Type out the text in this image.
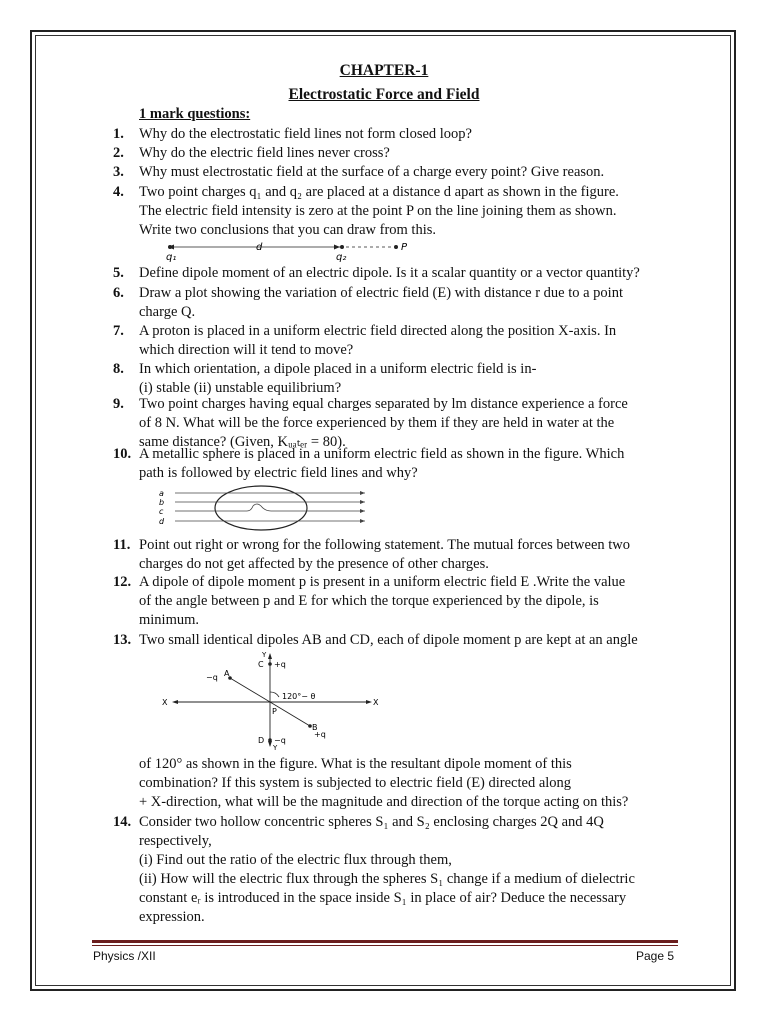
CHAPTER-1
Electrostatic Force and Field
1 mark questions:
1. Why do the electrostatic field lines not form closed loop?
2. Why do the electric field lines never cross?
3. Why must electrostatic field at the surface of a charge every point? Give reason.
4. Two point charges q₁ and q₂ are placed at a distance d apart as shown in the figure.
The electric field intensity is zero at the point P on the line joining them as shown.
Write two conclusions that you can draw from this.
q₁
d
q₂
P
5. Define dipole moment of an electric dipole. Is it a scalar quantity or a vector quantity?
6. Draw a plot showing the variation of electric field (E) with distance r due to a point
charge Q.
7. A proton is placed in a uniform electric field directed along the position X-axis. In
which direction will it tend to move?
8. In which orientation, a dipole placed in a uniform electric field is in-
(i) stable (ii) unstable equilibrium?
9. Two point charges having equal charges separated by lm distance experience a force
of 8 N. What will be the force experienced by them if they are held in water at the
same distance? (Given, Kᵤₐₜₑᵣ = 80).
10. A metallic sphere is placed in a uniform electric field as shown in the figure. Which
path is followed by electric field lines and why?
a
b
c
d
11. Point out right or wrong for the following statement. The mutual forces between two
charges do not get affected by the presence of other charges.
12. A dipole of dipole moment p is present in a uniform electric field E .Write the value
of the angle between p and E for which the torque experienced by the dipole, is
minimum.
13. Two small identical dipoles AB and CD, each of dipole moment p are kept at an angle
Y
Y
X	X
C +q
−q A
120°− θ
P
B
+q
D −q
of 120° as shown in the figure. What is the resultant dipole moment of this
combination? If this system is subjected to electric field (E) directed along
+ X-direction, what will be the magnitude and direction of the torque acting on this?
14. Consider two hollow concentric spheres S₁ and S₂ enclosing charges 2Q and 4Q
respectively,
(i) Find out the ratio of the electric flux through them,
(ii) How will the electric flux through the spheres S₁ change if a medium of dielectric
constant eᵣ is introduced in the space inside S₁ in place of air? Deduce the necessary
expression.
Physics /XII	Page 5
